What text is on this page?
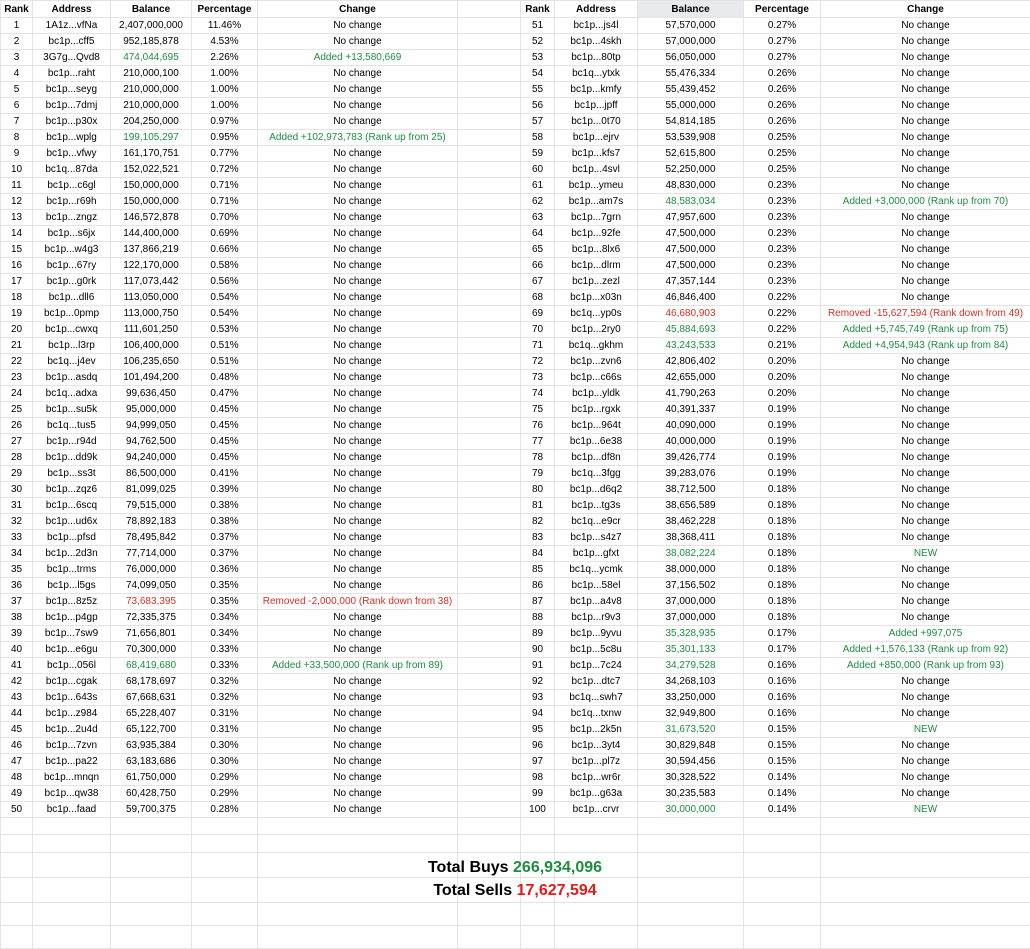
Rank	Address	Balance	Percentage	Change		Rank	Address	Balance	Percentage	Change
1	1A1z...vfNa	2,407,000,000	11.46%	No change		51	bc1p...js4l	57,570,000	0.27%	No change
2	bc1p...cff5	952,185,878	4.53%	No change		52	bc1p...4skh	57,000,000	0.27%	No change
3	3G7g...Qvd8	474,044,695	2.26%	Added +13,580,669		53	bc1p...80tp	56,050,000	0.27%	No change
4	bc1p...raht	210,000,100	1.00%	No change		54	bc1q...ytxk	55,476,334	0.26%	No change
5	bc1p...seyg	210,000,000	1.00%	No change		55	bc1p...kmfy	55,439,452	0.26%	No change
6	bc1p...7dmj	210,000,000	1.00%	No change		56	bc1p...jpff	55,000,000	0.26%	No change
7	bc1p...p30x	204,250,000	0.97%	No change		57	bc1p...0t70	54,814,185	0.26%	No change
8	bc1p...wplg	199,105,297	0.95%	Added +102,973,783 (Rank up from 25)		58	bc1p...ejrv	53,539,908	0.25%	No change
9	bc1p...vfwy	161,170,751	0.77%	No change		59	bc1p...kfs7	52,615,800	0.25%	No change
10	bc1q...87da	152,022,521	0.72%	No change		60	bc1p...4svl	52,250,000	0.25%	No change
11	bc1p...c6gl	150,000,000	0.71%	No change		61	bc1p...ymeu	48,830,000	0.23%	No change
12	bc1p...r69h	150,000,000	0.71%	No change		62	bc1p...am7s	48,583,034	0.23%	Added +3,000,000 (Rank up from 70)
13	bc1p...zngz	146,572,878	0.70%	No change		63	bc1p...7grn	47,957,600	0.23%	No change
14	bc1p...s6jx	144,400,000	0.69%	No change		64	bc1p...92fe	47,500,000	0.23%	No change
15	bc1p...w4g3	137,866,219	0.66%	No change		65	bc1p...8lx6	47,500,000	0.23%	No change
16	bc1p...67ry	122,170,000	0.58%	No change		66	bc1p...dlrm	47,500,000	0.23%	No change
17	bc1p...g0rk	117,073,442	0.56%	No change		67	bc1p...zezl	47,357,144	0.23%	No change
18	bc1p...dll6	113,050,000	0.54%	No change		68	bc1p...x03n	46,846,400	0.22%	No change
19	bc1p...0pmp	113,000,750	0.54%	No change		69	bc1q...yp0s	46,680,903	0.22%	Removed -15,627,594 (Rank down from 49)
20	bc1p...cwxq	111,601,250	0.53%	No change		70	bc1p...2ry0	45,884,693	0.22%	Added +5,745,749 (Rank up from 75)
21	bc1p...l3rp	106,400,000	0.51%	No change		71	bc1q...gkhm	43,243,533	0.21%	Added +4,954,943 (Rank up from 84)
22	bc1q...j4ev	106,235,650	0.51%	No change		72	bc1p...zvn6	42,806,402	0.20%	No change
23	bc1p...asdq	101,494,200	0.48%	No change		73	bc1p...c66s	42,655,000	0.20%	No change
24	bc1q...adxa	99,636,450	0.47%	No change		74	bc1p...yldk	41,790,263	0.20%	No change
25	bc1p...su5k	95,000,000	0.45%	No change		75	bc1p...rgxk	40,391,337	0.19%	No change
26	bc1q...tus5	94,999,050	0.45%	No change		76	bc1p...964t	40,090,000	0.19%	No change
27	bc1p...r94d	94,762,500	0.45%	No change		77	bc1p...6e38	40,000,000	0.19%	No change
28	bc1p...dd9k	94,240,000	0.45%	No change		78	bc1p...df8n	39,426,774	0.19%	No change
29	bc1p...ss3t	86,500,000	0.41%	No change		79	bc1q...3fgg	39,283,076	0.19%	No change
30	bc1p...zqz6	81,099,025	0.39%	No change		80	bc1p...d6q2	38,712,500	0.18%	No change
31	bc1p...6scq	79,515,000	0.38%	No change		81	bc1p...tg3s	38,656,589	0.18%	No change
32	bc1p...ud6x	78,892,183	0.38%	No change		82	bc1q...e9cr	38,462,228	0.18%	No change
33	bc1p...pfsd	78,495,842	0.37%	No change		83	bc1p...s4z7	38,368,411	0.18%	No change
34	bc1p...2d3n	77,714,000	0.37%	No change		84	bc1p...gfxt	38,082,224	0.18%	NEW
35	bc1p...trms	76,000,000	0.36%	No change		85	bc1q...ycmk	38,000,000	0.18%	No change
36	bc1p...l5gs	74,099,050	0.35%	No change		86	bc1p...58el	37,156,502	0.18%	No change
37	bc1p...8z5z	73,683,395	0.35%	Removed -2,000,000 (Rank down from 38)		87	bc1p...a4v8	37,000,000	0.18%	No change
38	bc1p...p4gp	72,335,375	0.34%	No change		88	bc1p...r9v3	37,000,000	0.18%	No change
39	bc1p...7sw9	71,656,801	0.34%	No change		89	bc1p...9yvu	35,328,935	0.17%	Added +997,075
40	bc1p...e6gu	70,300,000	0.33%	No change		90	bc1p...5c8u	35,301,133	0.17%	Added +1,576,133 (Rank up from 92)
41	bc1p...056l	68,419,680	0.33%	Added +33,500,000 (Rank up from 89)		91	bc1p...7c24	34,279,528	0.16%	Added +850,000 (Rank up from 93)
42	bc1p...cgak	68,178,697	0.32%	No change		92	bc1p...dtc7	34,268,103	0.16%	No change
43	bc1p...643s	67,668,631	0.32%	No change		93	bc1q...swh7	33,250,000	0.16%	No change
44	bc1p...z984	65,228,407	0.31%	No change		94	bc1q...txnw	32,949,800	0.16%	No change
45	bc1p...2u4d	65,122,700	0.31%	No change		95	bc1p...2k5n	31,673,520	0.15%	NEW
46	bc1p...7zvn	63,935,384	0.30%	No change		96	bc1p...3yt4	30,829,848	0.15%	No change
47	bc1p...pa22	63,183,686	0.30%	No change		97	bc1p...pl7z	30,594,456	0.15%	No change
48	bc1p...mnqn	61,750,000	0.29%	No change		98	bc1p...wr6r	30,328,522	0.14%	No change
49	bc1p...qw38	60,428,750	0.29%	No change		99	bc1p...g63a	30,235,583	0.14%	No change
50	bc1p...faad	59,700,375	0.28%	No change		100	bc1p...crvr	30,000,000	0.14%	NEW

Total Buys 266,934,096
Total Sells 17,627,594
